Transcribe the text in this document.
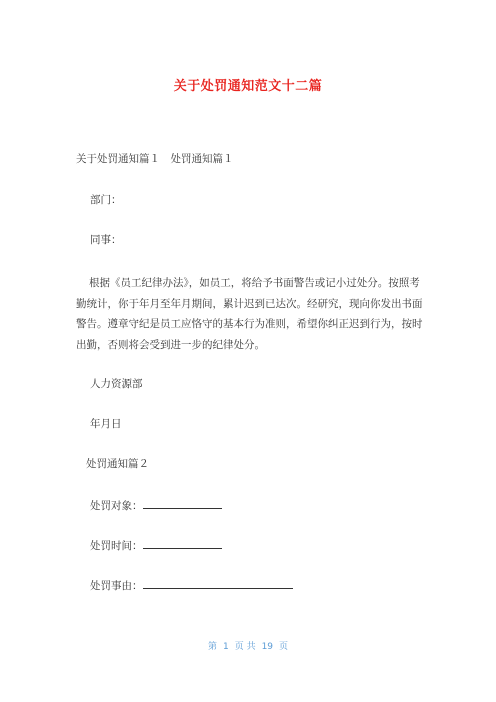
关于处罚通知范文十二篇
关于处罚通知篇１　处罚通知篇１
部门：
同事：
根据《员工纪律办法》，如员工，将给予书面警告或记小过处分。按照考勤统计，你于年月至年月期间，累计迟到已达次。经研究，现向你发出书面警告。遵章守纪是员工应恪守的基本行为准则，希望你纠正迟到行为，按时出勤，否则将会受到进一步的纪律处分。
人力资源部
年月日
处罚通知篇２
处罚对象：
处罚时间：
处罚事由：
第 1 页 共 19 页
